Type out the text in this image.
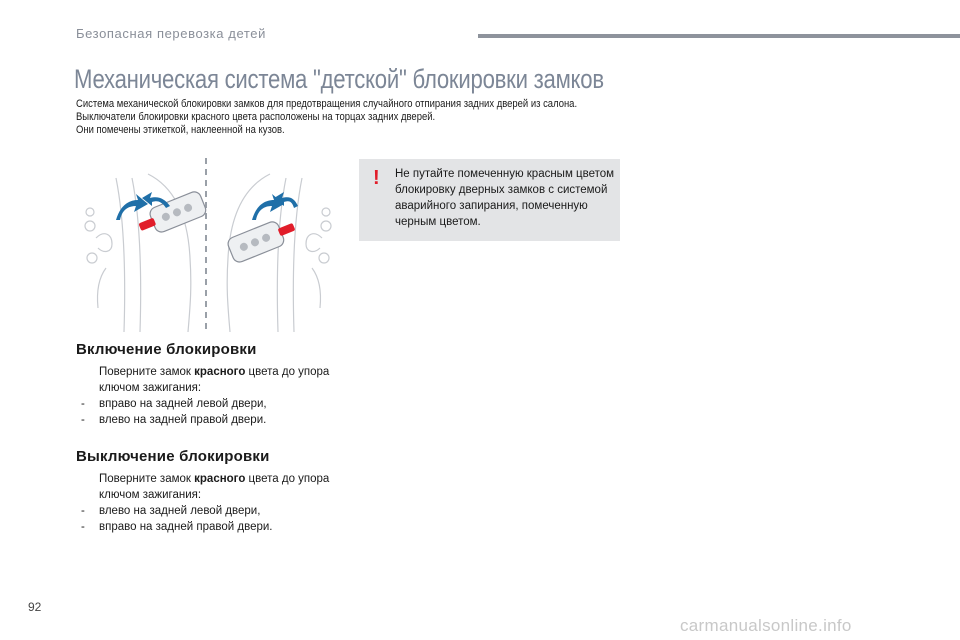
Безопасная перевозка детей
Механическая система "детской" блокировки замков

Система механической блокировки замков для предотвращения случайного отпирания задних дверей из салона.

Выключатели блокировки красного цвета расположены на торцах задних дверей.

Они помечены этикеткой, наклеенной на кузов.

! Не путайте помеченную красным цветом блокировку дверных замков с системой аварийного запирания, помеченную черным цветом.
Включение блокировки
Поверните замок красного цвета до упора ключом зажигания:
- вправо на задней левой двери,
- влево на задней правой двери.
Выключение блокировки
Поверните замок красного цвета до упора ключом зажигания:
- влево на задней левой двери,
- вправо на задней правой двери.
92
carmanualsonline.info
